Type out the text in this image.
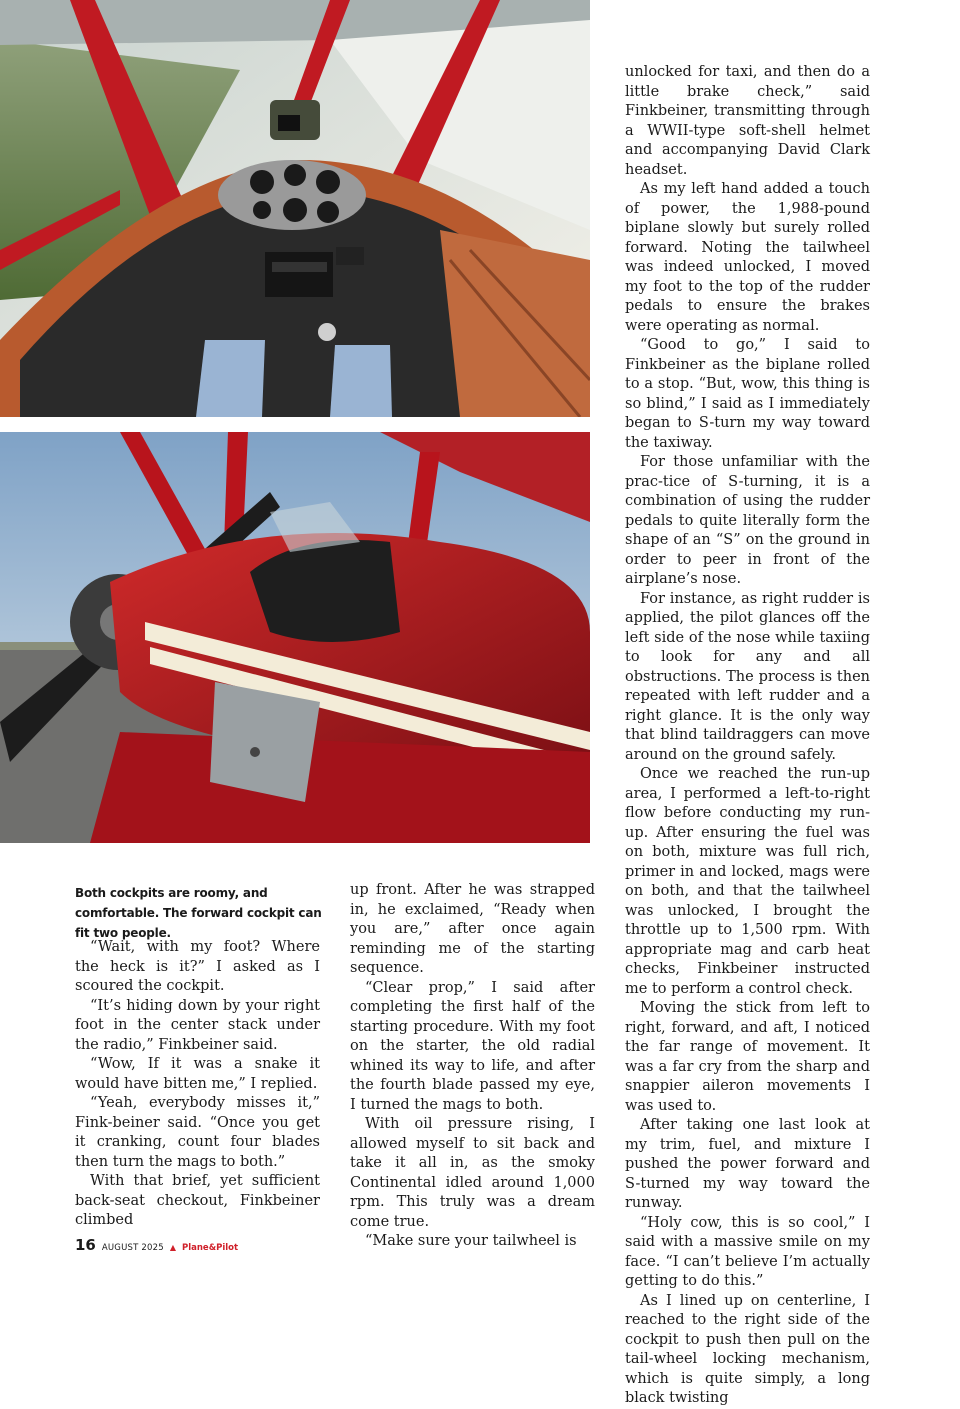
Both cockpits are roomy, and comfortable. The forward cockpit can fit two people.

“Wait, with my foot? Where the heck is it?” I asked as I scoured the cockpit.

“It’s hiding down by your right foot in the center stack under the radio,” Finkbeiner said.

“Wow, If it was a snake it would have bitten me,” I replied.

“Yeah, everybody misses it,” Fink-beiner said. “Once you get it cranking, count four blades then turn the mags to both.”

With that brief, yet sufficient back-seat checkout, Finkbeiner climbed

up front. After he was strapped in, he exclaimed, “Ready when you are,” after once again reminding me of the starting sequence.

“Clear prop,” I said after completing the first half of the starting procedure. With my foot on the starter, the old radial whined its way to life, and after the fourth blade passed my eye, I turned the mags to both.

With oil pressure rising, I allowed myself to sit back and take it all in, as the smoky Continental idled around 1,000 rpm. This truly was a dream come true.

“Make sure your tailwheel is

unlocked for taxi, and then do a little brake check,” said Finkbeiner, transmitting through a WWII-type soft-shell helmet and accompanying David Clark headset.

As my left hand added a touch of power, the 1,988-pound biplane slowly but surely rolled forward. Noting the tailwheel was indeed unlocked, I moved my foot to the top of the rudder pedals to ensure the brakes were operating as normal.

“Good to go,” I said to Finkbeiner as the biplane rolled to a stop. “But, wow, this thing is so blind,” I said as I immediately began to S-turn my way toward the taxiway.

For those unfamiliar with the prac-tice of S-turning, it is a combination of using the rudder pedals to quite literally form the shape of an “S” on the ground in order to peer in front of the airplane’s nose.

For instance, as right rudder is applied, the pilot glances off the left side of the nose while taxiing to look for any and all obstructions. The process is then repeated with left rudder and a right glance. It is the only way that blind taildraggers can move around on the ground safely.

Once we reached the run-up area, I performed a left-to-right flow before conducting my run-up. After ensuring the fuel was on both, mixture was full rich, primer in and locked, mags were on both, and that the tailwheel was unlocked, I brought the throttle up to 1,500 rpm. With appropriate mag and carb heat checks, Finkbeiner instructed me to perform a control check.

Moving the stick from left to right, forward, and aft, I noticed the far range of movement. It was a far cry from the sharp and snappier aileron movements I was used to.

After taking one last look at my trim, fuel, and mixture I pushed the power forward and S-turned my way toward the runway.

“Holy cow, this is so cool,” I said with a massive smile on my face. “I can’t believe I’m actually getting to do this.”

As I lined up on centerline, I reached to the right side of the cockpit to push then pull on the tail-wheel locking mechanism, which is quite simply, a long black twisting

16 AUGUST 2025 ▲ Plane&Pilot
